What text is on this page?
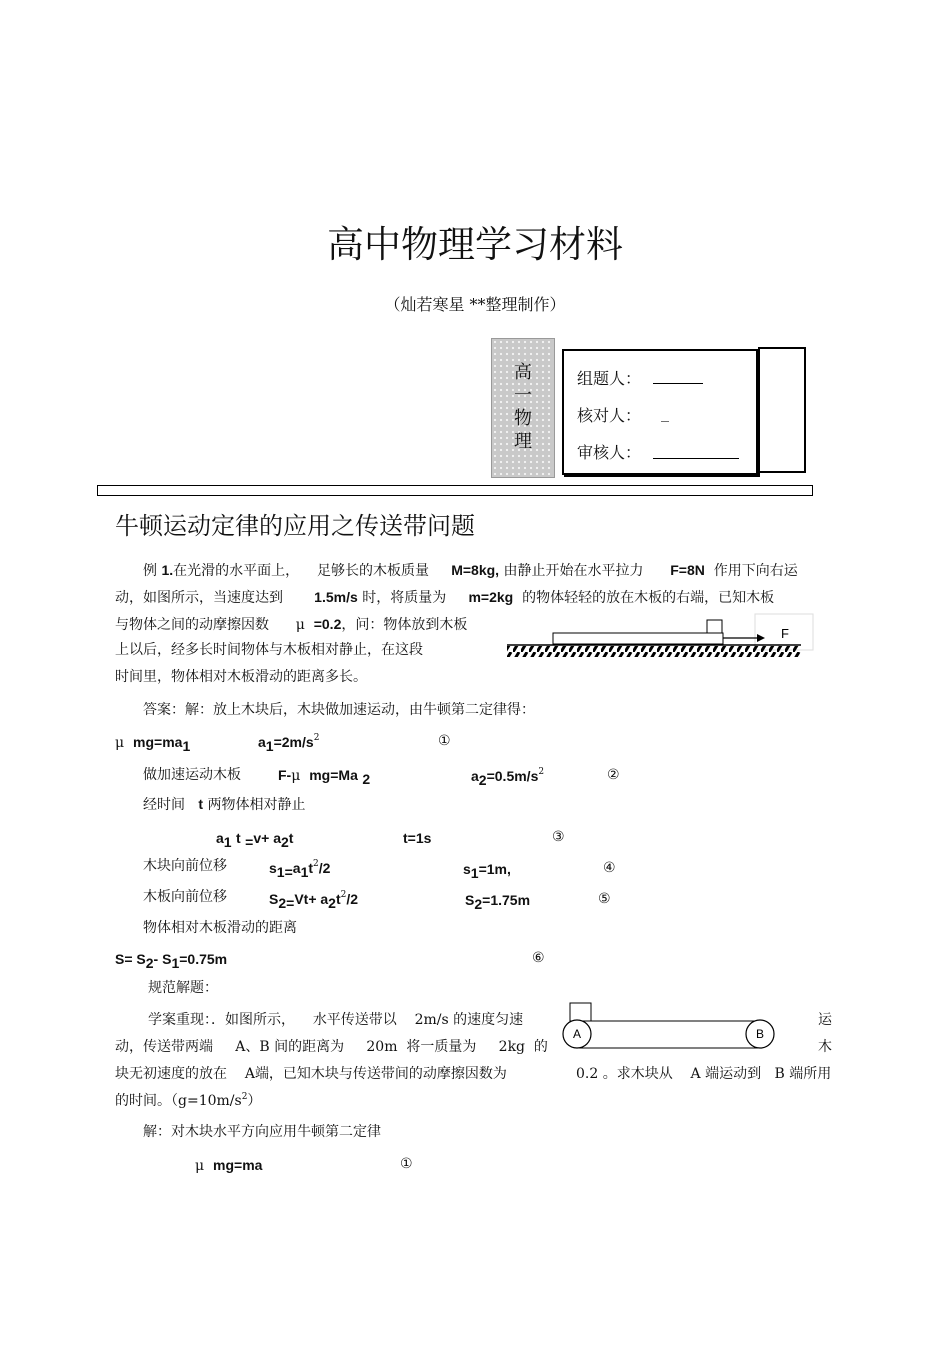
高中物理学习材料
（灿若寒星 **整理制作）
高
一
物
理
组题人：
核对人： _
审核人：
牛顿运动定律的应用之传送带问题
例 1.在光滑的水平面上， 足够长的木板质量 M=8kg, 由静止开始在水平拉力 F=8N 作用下向右运
动，如图所示，当速度达到 1.5m/s 时，将质量为 m=2kg 的物体轻轻的放在木板的右端，已知木板
与物体之间的动摩擦因数 μ =0.2，问：物体放到木板
上以后，经多长时间物体与木板相对静止，在这段
时间里，物体相对木板滑动的距离多长。
F
答案：解：放上木块后，木块做加速运动，由牛顿第二定律得：
μ $mg=ma_1$	$a_1=2m/s^2$	①
做加速运动木板	F-μ mg=Ma $_2$	$a_2=0.5m/s^2$	②
经时间 t 两物体相对静止
$a_1$ t $_=v+ a_2t$	t=1s	③
木块向前位移	$s_{1=}a_1t^2/2$	$s_1=1m$,	④
木板向前位移	$S_{2=}Vt+ a_2t^2/2$	$S_2=1.75m$	⑤
物体相对木板滑动的距离
$S= S_2-$ $S_1=0.75m$	⑥
规范解题：
学案重现：．如图所示， 水平传送带以 2m/s 的速度匀速	运
动，传送带两端 A、B 间的距离为 20m 将一质量为 2kg 的	木
块无初速度的放在 A端，已知木块与传送带间的动摩擦因数为	0.2 。求木块从 A 端运动到 B 端所用
的时间。$(g=10m/s^2)$
A	B
解：对木块水平方向应用牛顿第二定律
μ mg=ma	①
